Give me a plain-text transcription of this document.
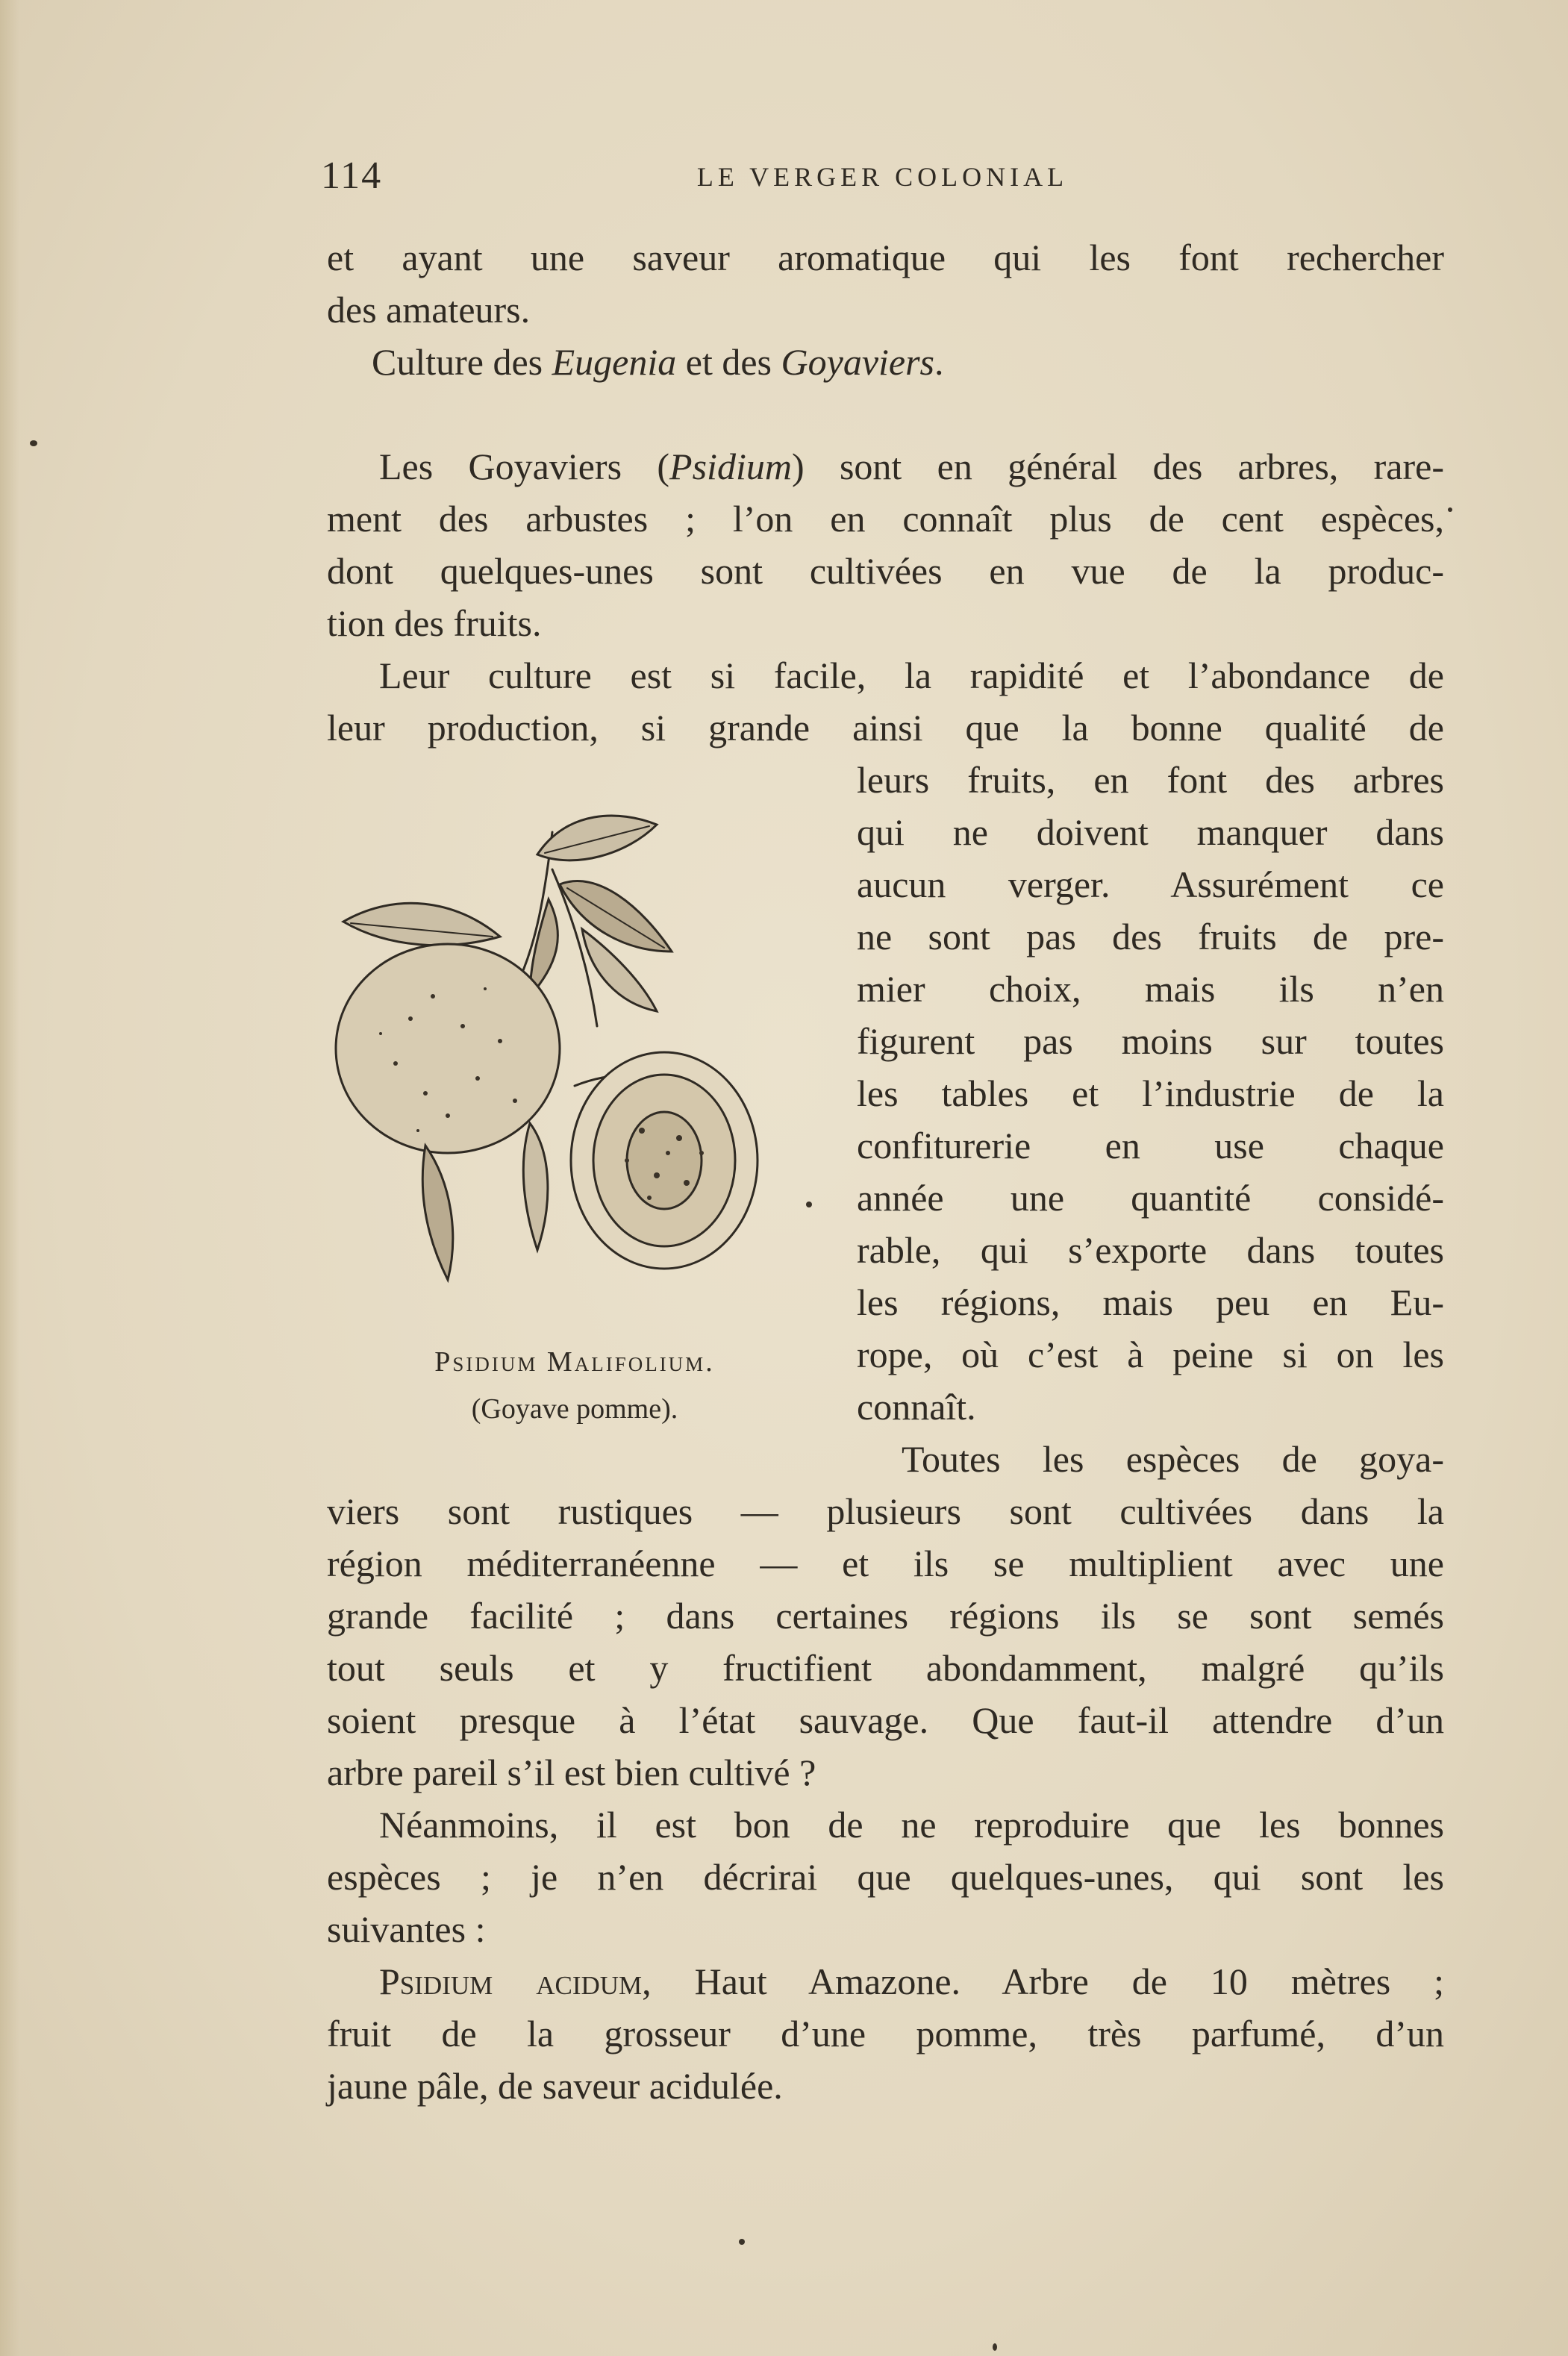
114	LE VERGER COLONIAL
et ayant une saveur aromatique qui les font rechercher
des amateurs.
Culture des Eugenia et des Goyaviers.
Les Goyaviers (Psidium) sont en général des arbres, rare-
ment des arbustes ; l’on en connaît plus de cent espèces,
dont quelques-unes sont cultivées en vue de la produc-
tion des fruits.
Leur culture est si facile, la rapidité et l’abondance de
leur production, si grande ainsi que la bonne qualité de
leurs fruits, en font des arbres
qui ne doivent manquer dans
aucun verger. Assurément ce
ne sont pas des fruits de pre-
mier choix, mais ils n’en
figurent pas moins sur toutes
les tables et l’industrie de la
confiturerie en use chaque
année une quantité considé-
rable, qui s’exporte dans toutes
les régions, mais peu en Eu-
rope, où c’est à peine si on les
connaît.
Toutes les espèces de goya-
viers sont rustiques — plusieurs sont cultivées dans la
région méditerranéenne — et ils se multiplient avec une
grande facilité ; dans certaines régions ils se sont semés
tout seuls et y fructifient abondamment, malgré qu’ils
soient presque à l’état sauvage. Que faut-il attendre d’un
arbre pareil s’il est bien cultivé ?
Néanmoins, il est bon de ne reproduire que les bonnes
espèces ; je n’en décrirai que quelques-unes, qui sont les
suivantes :
Psidium acidum, Haut Amazone. Arbre de 10 mètres ;
fruit de la grosseur d’une pomme, très parfumé, d’un
jaune pâle, de saveur acidulée.
Psidium Malifolium.
(Goyave pomme).
